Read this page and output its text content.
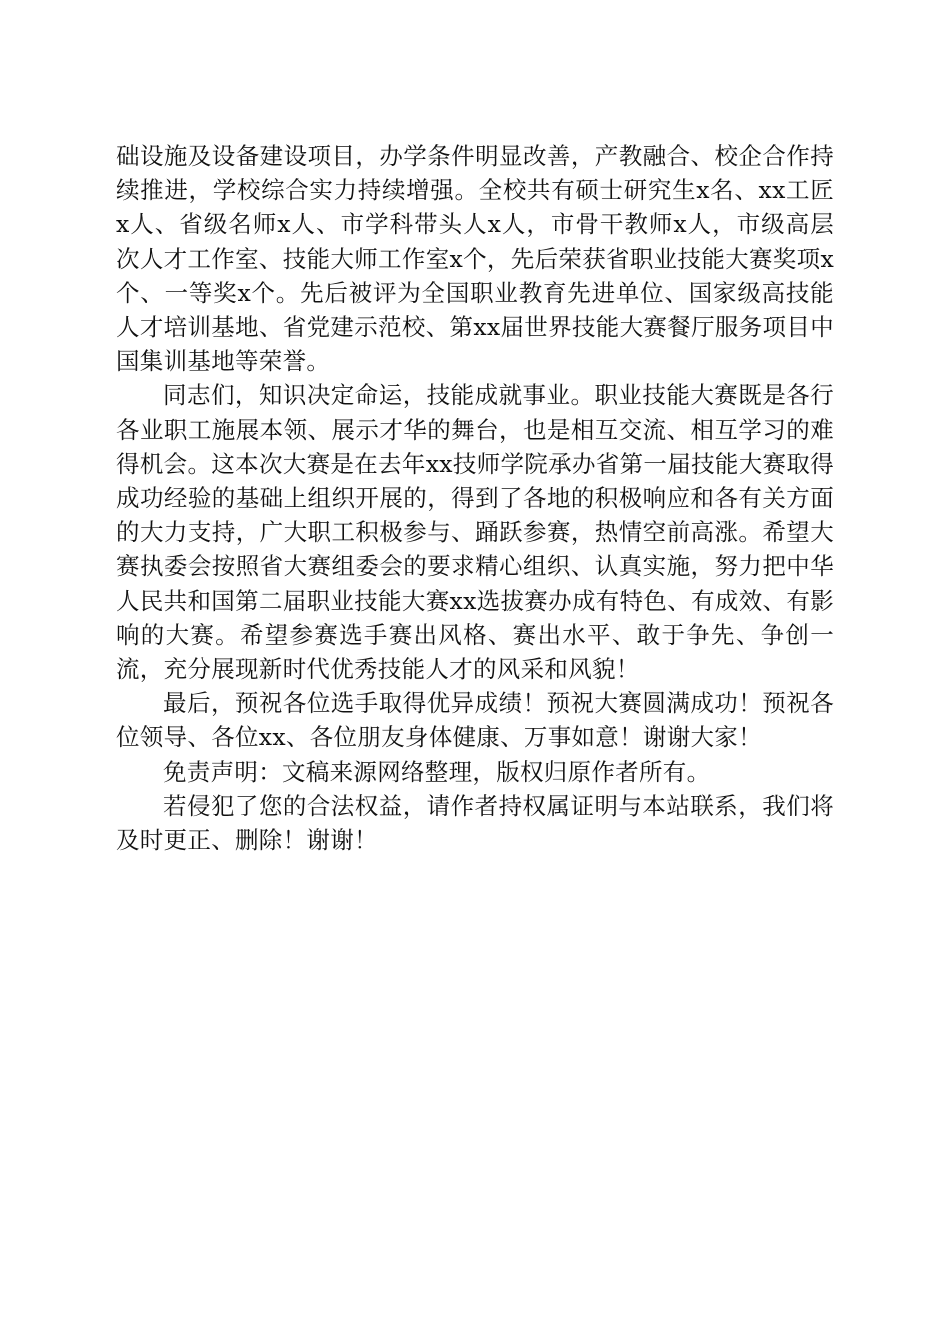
础设施及设备建设项目，办学条件明显改善，产教融合、校企合作持续推进，学校综合实力持续增强。全校共有硕士研究生x名、xx工匠x人、省级名师x人、市学科带头人x人，市骨干教师x人，市级高层次人才工作室、技能大师工作室x个，先后荣获省职业技能大赛奖项x个、一等奖x个。先后被评为全国职业教育先进单位、国家级高技能人才培训基地、省党建示范校、第xx届世界技能大赛餐厅服务项目中国集训基地等荣誉。

同志们，知识决定命运，技能成就事业。职业技能大赛既是各行各业职工施展本领、展示才华的舞台，也是相互交流、相互学习的难得机会。这本次大赛是在去年xx技师学院承办省第一届技能大赛取得成功经验的基础上组织开展的，得到了各地的积极响应和各有关方面的大力支持，广大职工积极参与、踊跃参赛，热情空前高涨。希望大赛执委会按照省大赛组委会的要求精心组织、认真实施，努力把中华人民共和国第二届职业技能大赛xx选拔赛办成有特色、有成效、有影响的大赛。希望参赛选手赛出风格、赛出水平、敢于争先、争创一流，充分展现新时代优秀技能人才的风采和风貌！

最后，预祝各位选手取得优异成绩！预祝大赛圆满成功！预祝各位领导、各位xx、各位朋友身体健康、万事如意！谢谢大家！

免责声明：文稿来源网络整理，版权归原作者所有。

若侵犯了您的合法权益，请作者持权属证明与本站联系，我们将及时更正、删除！谢谢！
